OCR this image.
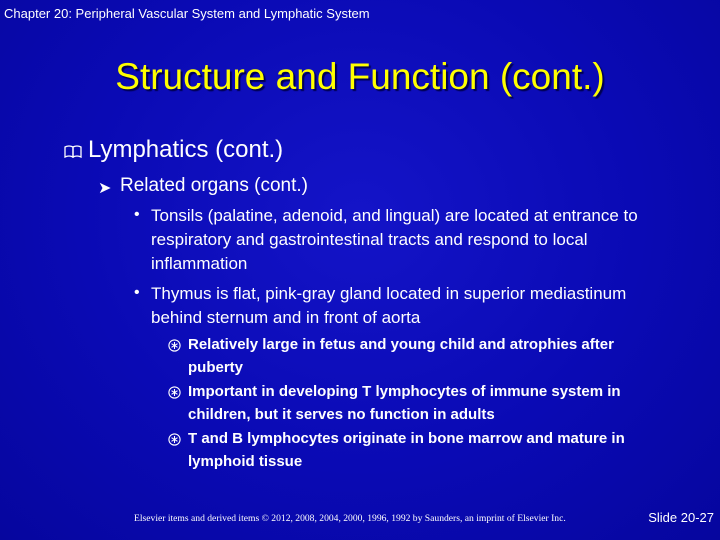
Chapter 20: Peripheral Vascular System and Lymphatic System
Structure and Function (cont.)
Lymphatics (cont.)
➤ Related organs (cont.)
• Tonsils (palatine, adenoid, and lingual) are located at entrance to respiratory and gastrointestinal tracts and respond to local inflammation
• Thymus is flat, pink-gray gland located in superior mediastinum behind sternum and in front of aorta
Relatively large in fetus and young child and atrophies after puberty
Important in developing T lymphocytes of immune system in children, but it serves no function in adults
T and B lymphocytes originate in bone marrow and mature in lymphoid tissue
Elsevier items and derived items © 2012, 2008, 2004, 2000, 1996, 1992 by Saunders, an imprint of Elsevier Inc.	Slide 20-27
